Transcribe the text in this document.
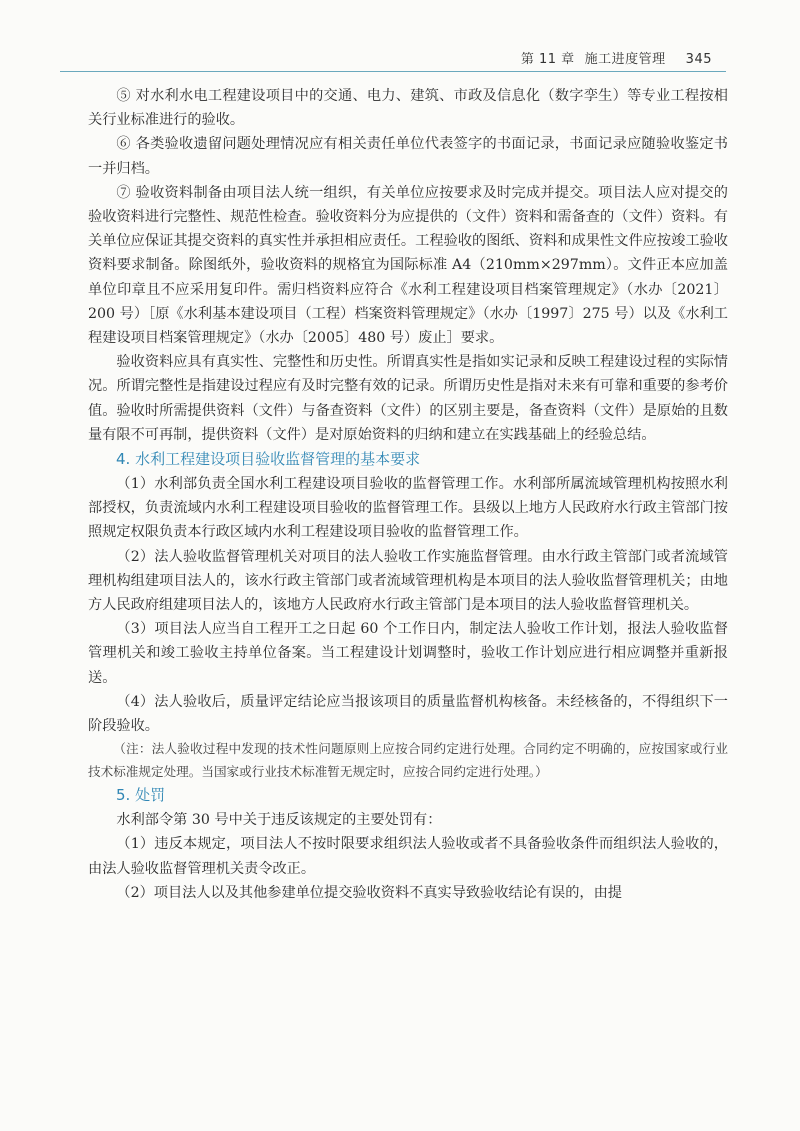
第 11 章 施工进度管理 345

⑤ 对水利水电工程建设项目中的交通、电力、建筑、市政及信息化（数字孪生）等专业工程按相关行业标准进行的验收。

⑥ 各类验收遗留问题处理情况应有相关责任单位代表签字的书面记录，书面记录应随验收鉴定书一并归档。

⑦ 验收资料制备由项目法人统一组织，有关单位应按要求及时完成并提交。项目法人应对提交的验收资料进行完整性、规范性检查。验收资料分为应提供的（文件）资料和需备查的（文件）资料。有关单位应保证其提交资料的真实性并承担相应责任。工程验收的图纸、资料和成果性文件应按竣工验收资料要求制备。除图纸外，验收资料的规格宜为国际标准 A4（210mm×297mm）。文件正本应加盖单位印章且不应采用复印件。需归档资料应符合《水利工程建设项目档案管理规定》（水办〔2021〕200 号）［原《水利基本建设项目（工程）档案资料管理规定》（水办〔1997〕275 号）以及《水利工程建设项目档案管理规定》（水办〔2005〕480 号）废止］要求。

验收资料应具有真实性、完整性和历史性。所谓真实性是指如实记录和反映工程建设过程的实际情况。所谓完整性是指建设过程应有及时完整有效的记录。所谓历史性是指对未来有可靠和重要的参考价值。验收时所需提供资料（文件）与备查资料（文件）的区别主要是，备查资料（文件）是原始的且数量有限不可再制，提供资料（文件）是对原始资料的归纳和建立在实践基础上的经验总结。

4. 水利工程建设项目验收监督管理的基本要求

（1）水利部负责全国水利工程建设项目验收的监督管理工作。水利部所属流域管理机构按照水利部授权，负责流域内水利工程建设项目验收的监督管理工作。县级以上地方人民政府水行政主管部门按照规定权限负责本行政区域内水利工程建设项目验收的监督管理工作。

（2）法人验收监督管理机关对项目的法人验收工作实施监督管理。由水行政主管部门或者流域管理机构组建项目法人的，该水行政主管部门或者流域管理机构是本项目的法人验收监督管理机关；由地方人民政府组建项目法人的，该地方人民政府水行政主管部门是本项目的法人验收监督管理机关。

（3）项目法人应当自工程开工之日起 60 个工作日内，制定法人验收工作计划，报法人验收监督管理机关和竣工验收主持单位备案。当工程建设计划调整时，验收工作计划应进行相应调整并重新报送。

（4）法人验收后，质量评定结论应当报该项目的质量监督机构核备。未经核备的，不得组织下一阶段验收。

（注：法人验收过程中发现的技术性问题原则上应按合同约定进行处理。合同约定不明确的，应按国家或行业技术标准规定处理。当国家或行业技术标准暂无规定时，应按合同约定进行处理。）

5. 处罚

水利部令第 30 号中关于违反该规定的主要处罚有：

（1）违反本规定，项目法人不按时限要求组织法人验收或者不具备验收条件而组织法人验收的，由法人验收监督管理机关责令改正。

（2）项目法人以及其他参建单位提交验收资料不真实导致验收结论有误的，由提
